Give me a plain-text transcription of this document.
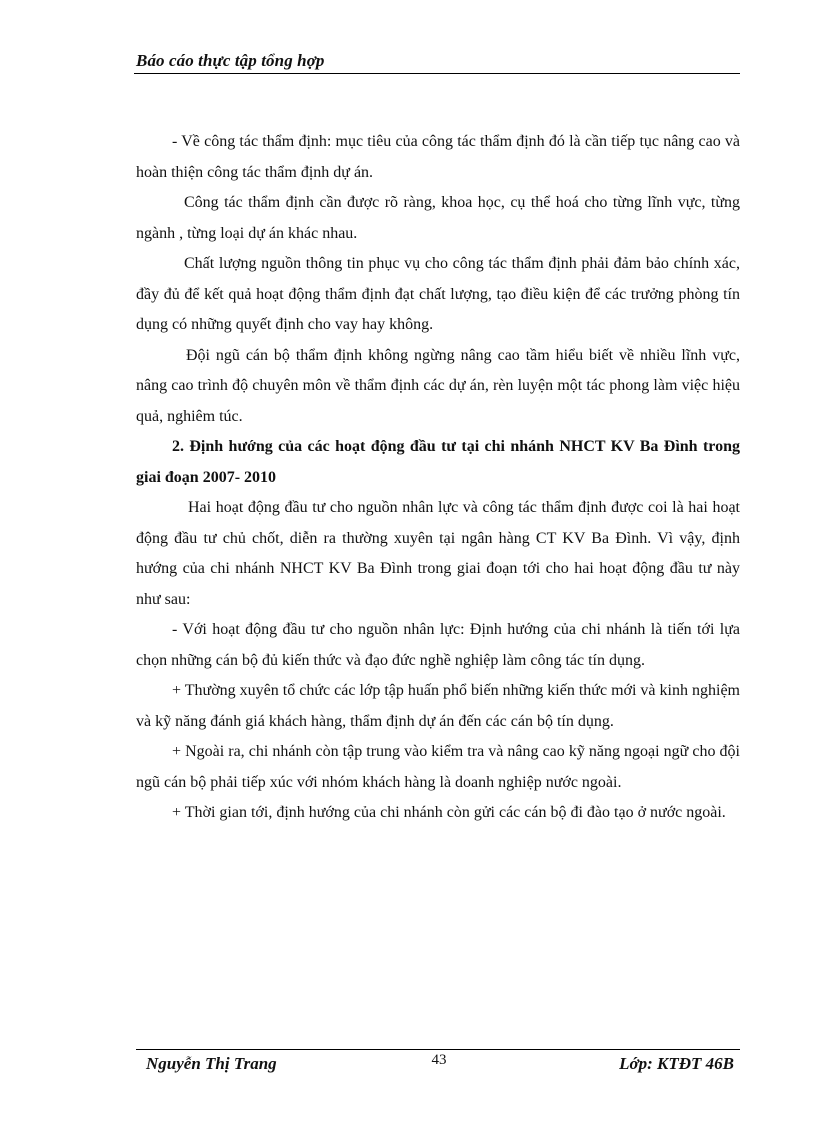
Báo cáo thực tập tổng hợp

- Về công tác thẩm định: mục tiêu của công tác thẩm định đó là cần tiếp tục nâng cao và hoàn thiện công tác thẩm định dự án.

Công tác thẩm định cần được rõ ràng, khoa học, cụ thể hoá cho từng lĩnh vực, từng ngành , từng loại dự án khác nhau.

Chất lượng nguồn thông tin phục vụ cho công tác thẩm định phải đảm bảo chính xác, đầy đủ để kết quả hoạt động thẩm định đạt chất lượng, tạo điều kiện để các trưởng phòng tín dụng có những quyết định cho vay hay không.

Đội ngũ cán bộ thẩm định không ngừng nâng cao tầm hiểu biết về nhiều lĩnh vực, nâng cao trình độ chuyên môn về thẩm định các dự án, rèn luyện một tác phong làm việc hiệu quả, nghiêm túc.

2. Định hướng của các hoạt động đầu tư tại chi nhánh NHCT KV Ba Đình trong giai đoạn 2007- 2010

Hai hoạt động đầu tư cho nguồn nhân lực và công tác thẩm định được coi là hai hoạt động đầu tư chủ chốt, diễn ra thường xuyên tại ngân hàng CT KV Ba Đình. Vì vậy, định hướng của chi nhánh NHCT KV Ba Đình trong giai đoạn tới cho hai hoạt động đầu tư này như sau:

- Với hoạt động đầu tư cho nguồn nhân lực: Định hướng của chi nhánh là tiến tới lựa chọn những cán bộ đủ kiến thức và đạo đức nghề nghiệp làm công tác tín dụng.

+ Thường xuyên tổ chức các lớp tập huấn phổ biến những kiến thức mới và kinh nghiệm và kỹ năng đánh giá khách hàng, thẩm định dự án đến các cán bộ tín dụng.

+ Ngoài ra, chi nhánh còn tập trung vào kiểm tra và nâng cao kỹ năng ngoại ngữ cho đội ngũ cán bộ phải tiếp xúc với nhóm khách hàng là doanh nghiệp nước ngoài.

+ Thời gian tới, định hướng của chi nhánh còn gửi các cán bộ đi đào tạo ở nước ngoài.

Nguyễn Thị Trang	43	Lớp: KTĐT 46B
